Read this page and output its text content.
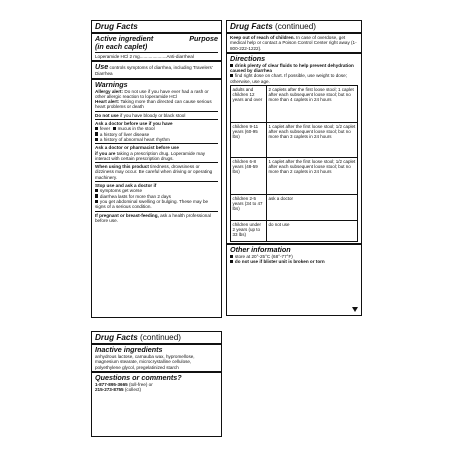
Drug Facts
Active ingredient	Purpose
(in each caplet)
Loperamide HCl 2 mg.....................Anti-diarrheal
Use controls symptoms of diarrhea, including Travelers' Diarrhea
Warnings
Allergy alert: Do not use if you have ever had a rash or other allergic reaction to loperamide HCl
Heart alert: Taking more than directed can cause serious heart problems or death
Do not use if you have bloody or black stool
Ask a doctor before use if you have
fever mucus in the stool
a history of liver disease
a history of abnormal heart rhythm
Ask a doctor or pharmacist before use
if you are taking a prescription drug. Loperamide may interact with certain prescription drugs.
When using this product tiredness, drowsiness or dizziness may occur. Be careful when driving or operating machinery.
Stop use and ask a doctor if
symptoms get worse
diarrhea lasts for more than 2 days
you get abdominal swelling or bulging. These may be signs of a serious condition.
If pregnant or breast-feeding, ask a health professional before use.
Drug Facts (continued)
Keep out of reach of children. In case of overdose, get medical help or contact a Poison Control Center right away (1-800-222-1222).
Directions
drink plenty of clear fluids to help prevent dehydration caused by diarrhea
find right dose on chart. If possible, use weight to dose; otherwise, use age.
adults and children 12 years and over	2 caplets after the first loose stool; 1 caplet after each subsequent loose stool; but no more than 4 caplets in 24 hours
children 9-11 years (60-95 lbs)	1 caplet after the first loose stool; 1/2 caplet after each subsequent loose stool; but no more than 3 caplets in 24 hours
children 6-8 years (48-59 lbs)	1 caplet after the first loose stool; 1/2 caplet after each subsequent loose stool; but no more than 2 caplets in 24 hours
children 2-5 years (34 to 47 lbs)	ask a doctor
children under 2 years (up to 33 lbs)	do not use
Other information
store at 20°-25°C (68°-77°F)
do not use if blister unit is broken or torn
Drug Facts (continued)
Inactive ingredients
anhydrous lactose, carnauba wax, hypromellose, magnesium stearate, microcrystalline cellulose, polyethylene glycol, pregelatinized starch
Questions or comments?
1-877-895-3665 (toll-free) or
215-273-8755 (collect)
